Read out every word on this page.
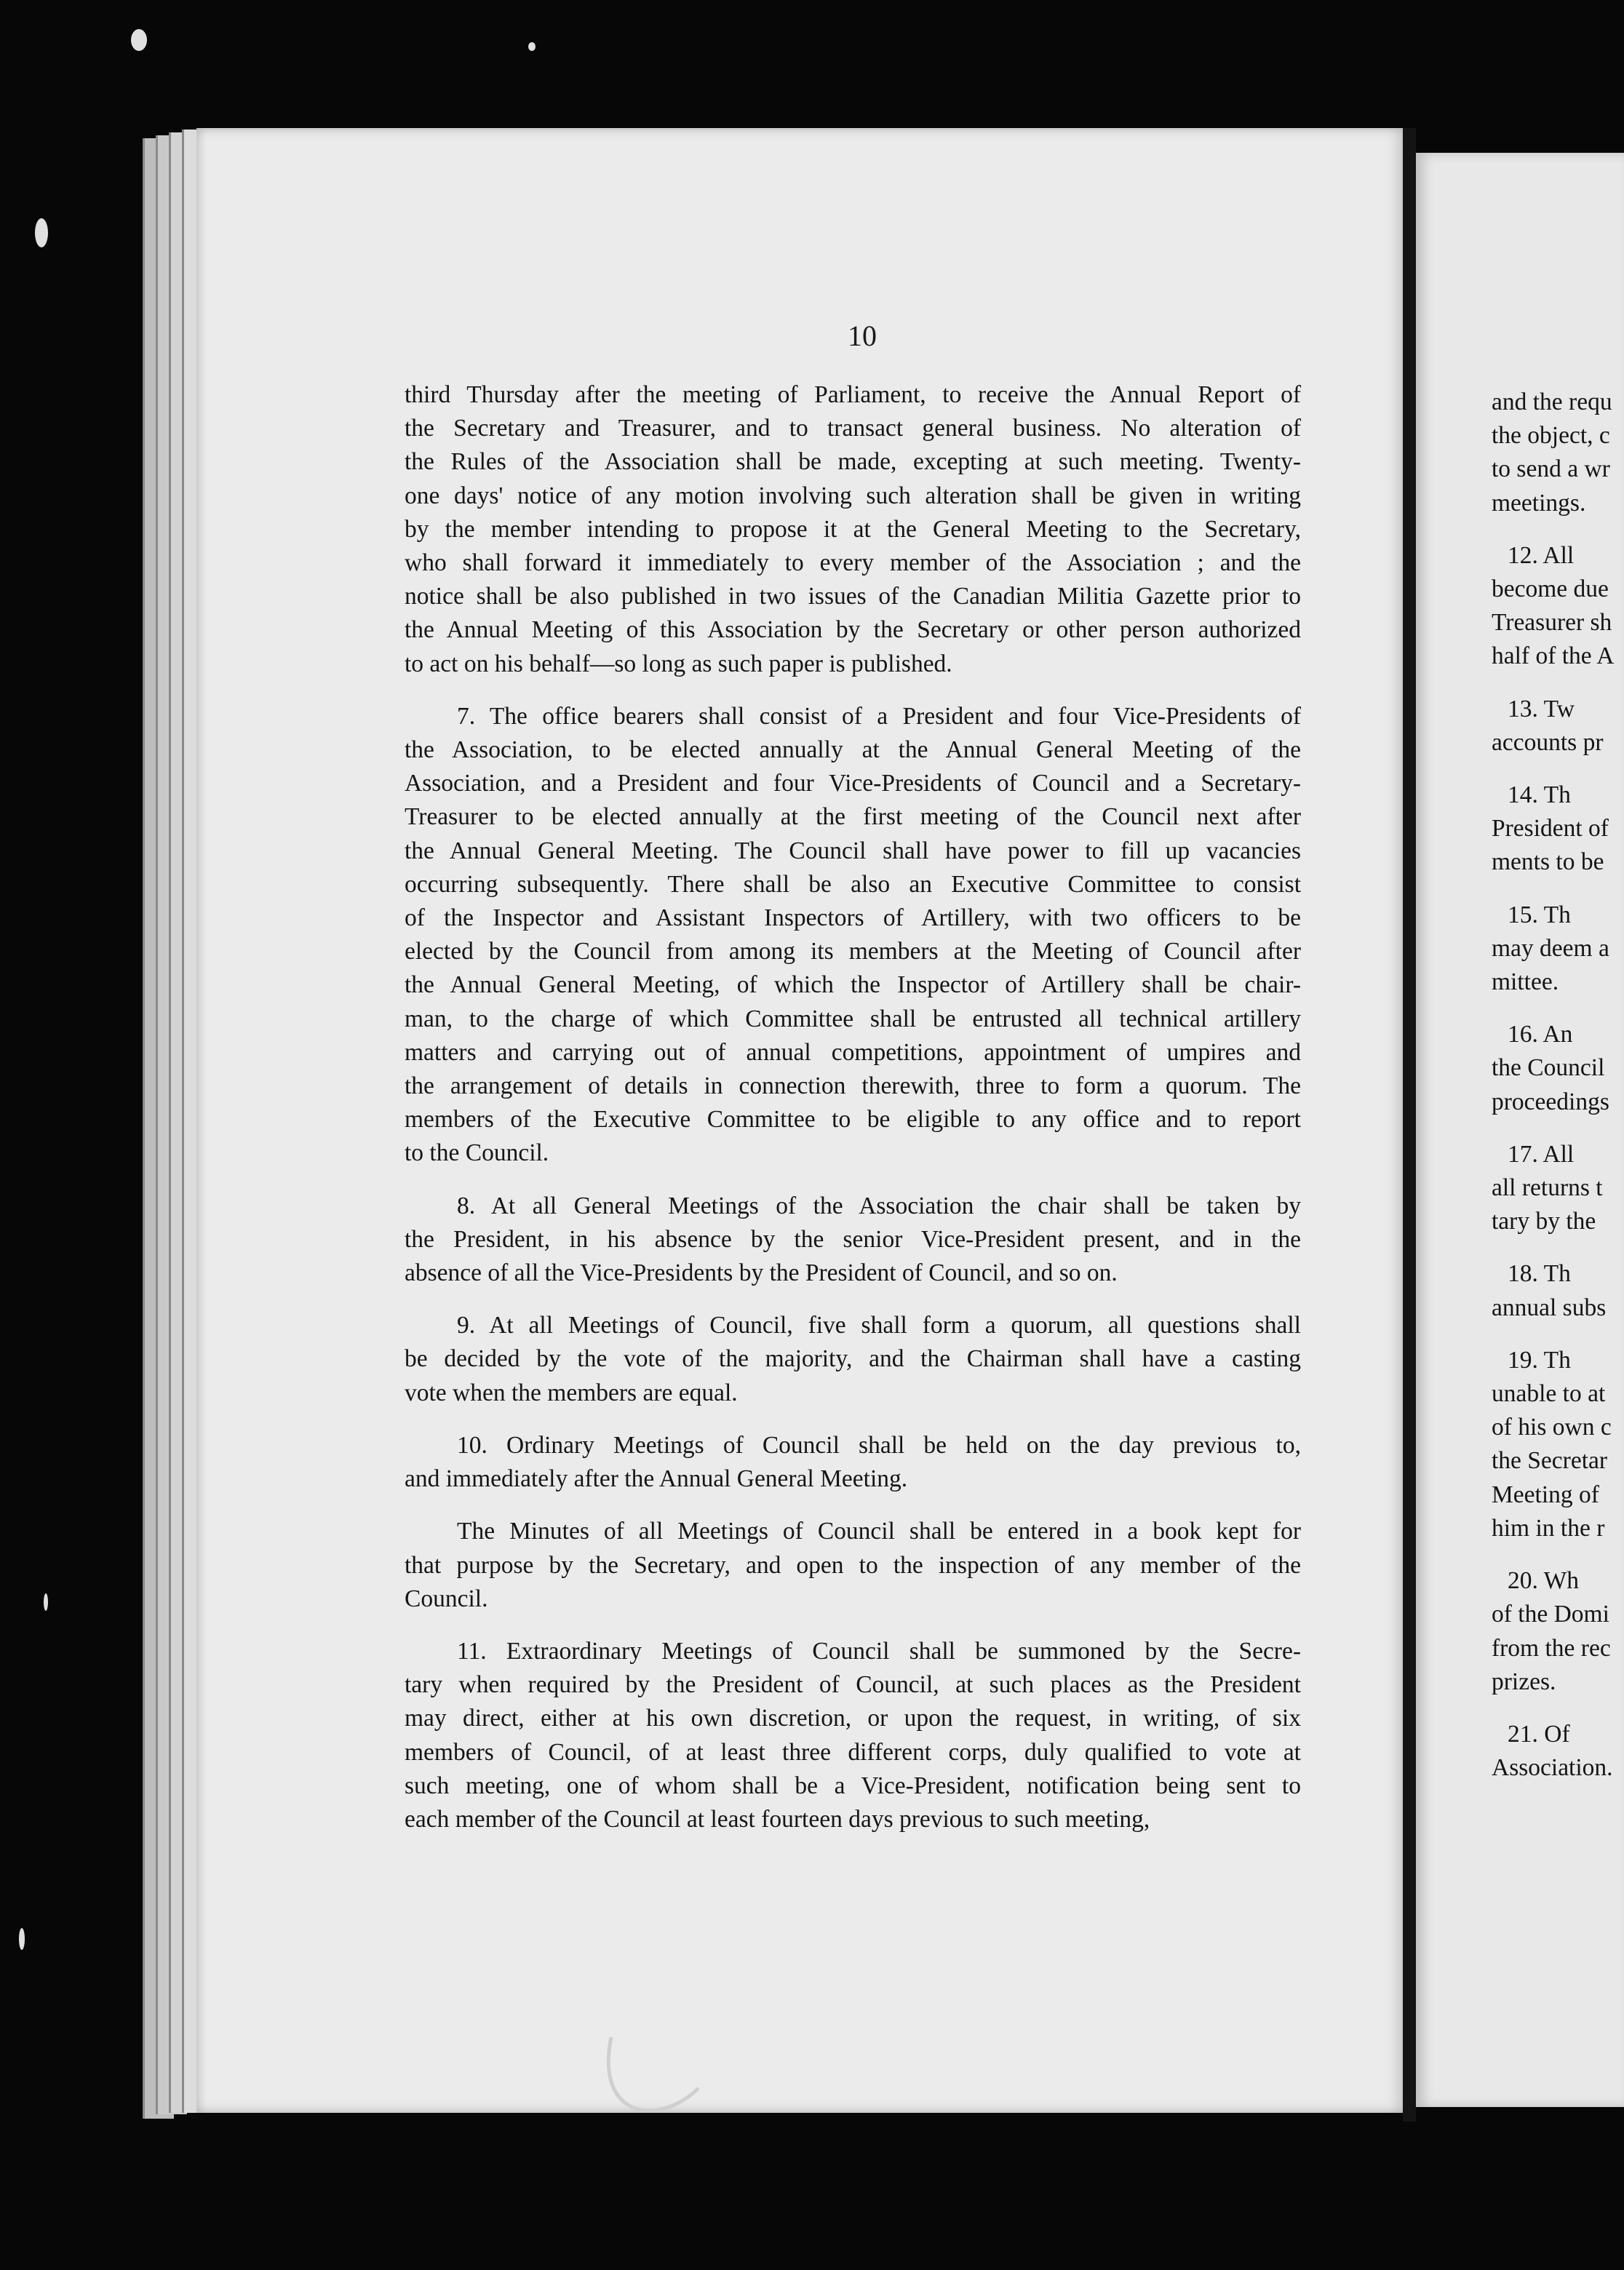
10

third Thursday after the meeting of Parliament, to receive the Annual Report of
the Secretary and Treasurer, and to transact general business. No alteration of
the Rules of the Association shall be made, excepting at such meeting. Twenty-
one days' notice of any motion involving such alteration shall be given in writing
by the member intending to propose it at the General Meeting to the Secretary,
who shall forward it immediately to every member of the Association ; and the
notice shall be also published in two issues of the Canadian Militia Gazette prior to
the Annual Meeting of this Association by the Secretary or other person authorized
to act on his behalf—so long as such paper is published.

7. The office bearers shall consist of a President and four Vice-Presidents of
the Association, to be elected annually at the Annual General Meeting of the
Association, and a President and four Vice-Presidents of Council and a Secretary-
Treasurer to be elected annually at the first meeting of the Council next after
the Annual General Meeting. The Council shall have power to fill up vacancies
occurring subsequently. There shall be also an Executive Committee to consist
of the Inspector and Assistant Inspectors of Artillery, with two officers to be
elected by the Council from among its members at the Meeting of Council after
the Annual General Meeting, of which the Inspector of Artillery shall be chair-
man, to the charge of which Committee shall be entrusted all technical artillery
matters and carrying out of annual competitions, appointment of umpires and
the arrangement of details in connection therewith, three to form a quorum. The
members of the Executive Committee to be eligible to any office and to report
to the Council.

8. At all General Meetings of the Association the chair shall be taken by
the President, in his absence by the senior Vice-President present, and in the
absence of all the Vice-Presidents by the President of Council, and so on.

9. At all Meetings of Council, five shall form a quorum, all questions shall
be decided by the vote of the majority, and the Chairman shall have a casting
vote when the members are equal.

10. Ordinary Meetings of Council shall be held on the day previous to,
and immediately after the Annual General Meeting.

The Minutes of all Meetings of Council shall be entered in a book kept for
that purpose by the Secretary, and open to the inspection of any member of the
Council.

11. Extraordinary Meetings of Council shall be summoned by the Secre-
tary when required by the President of Council, at such places as the President
may direct, either at his own discretion, or upon the request, in writing, of six
members of Council, of at least three different corps, duly qualified to vote at
such meeting, one of whom shall be a Vice-President, notification being sent to
each member of the Council at least fourteen days previous to such meeting,

and the requ
the object, c
to send a wr
meetings.

12. All
become due
Treasurer sh
half of the A

13. Tw
accounts pr

14. Th
President of
ments to be

15. Th
may deem a
mittee.

16. An
the Council
proceedings

17. All
all returns t
tary by the

18. Th
annual subs

19. Th
unable to at
of his own c
the Secretar
Meeting of
him in the r

20. Wh
of the Domi
from the rec
prizes.

21. Of
Association.
